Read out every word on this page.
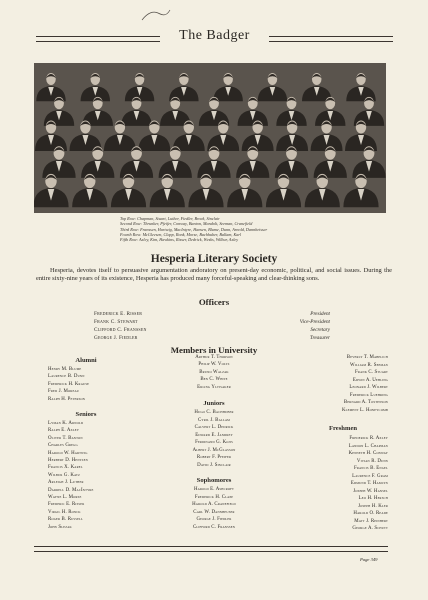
The Badger
Top Row: Chapman, Stuart, Luther, Fiedler, Broek, Sinclair
Second Row: Thrunker, Pfeifer, Conway, Banton, Mandolt, Seeman, Cranefield
Third Row: Franssen, Hartwig, MacIntyre, Hansen, Blume, Dunn, Arnold, Dannheisser
Fourth Row: McGleesen, Clapp, Ronk, Morse, Bachhuber, Ballam, Karl
Fifth Row: Axley, Kim, Hawkins, Risser, Dedrick, Wesks, Wilbur, Axley
Hesperia Literary Society
Hesperia, devotes itself to persuasive argumentation andoratory on present-day economic, political, and social issues. During the entire sixty-nine years of its existence, Hesperia has produced many forceful-speaking and clear-thinking sons.
Officers
Frederick E. Risser	President
Frank C. Stewart	Vice-President
Clifford C. Franssen	Secretary
George J. Fiedler	Treasurer
Members in University
Alumni
Henry M. Blume
Laurence B. Dunn
Frederick H. Krause
Fred J. Moreau
Ralph H. Peterson
Seniors
Lyman K. Arnold
Ralph E. Axley
Oliver T. Banton
Charles Gregg
Harold W. Hartwig
Herbert D. Hentzen
Francis X. Karel
Wilbur G. Katz
Arleigh J. Luther
Darrell D. MacIntyre
Wayne L. Morse
Frederic E. Risser
Virgil H. Ronck
Roger B. Russell
John Slezak
Arthur T. Thorson
Philip W. Voltz
Bruno Walzak
Ben C. White
Erling Ylvisaker
Juniors
Hugo C. Bachhuber
Cyril J. Ballam
Calvert L. Dedrick
Edward E. Jandrey
Ferdinand G. Kojis
Albert J. McGlasson
Robert F. Pfeifer
David J. Sinclair
Sophomores
Harold E. Ashcroft
Frederick H. Clapp
Harold A. Cranefield
Carl W. Dannheuser
George J. Fiedler
Clifford C. Franssen
Beverly T. Mabelich
William R. Seeman
Frank C. Stuart
Edwin A. Uehling
Leonard J. Wilbert
Frederick Luehring
Bernard A. Tostenson
Klement L. Honeycomb
Freshmen
Frederick R. Axley
Landon L. Chapman
Kenneth H. Conway
Vivian R. Dunn
Francis B. Engel
Laurence F. Gram
Edmund T. Hamlyn
Joseph W. Hansel
Leo H. Hersch
Joseph H. Kler
Harold O. Reade
Matt J. Reinhert
George A. Schutt
Page 349
